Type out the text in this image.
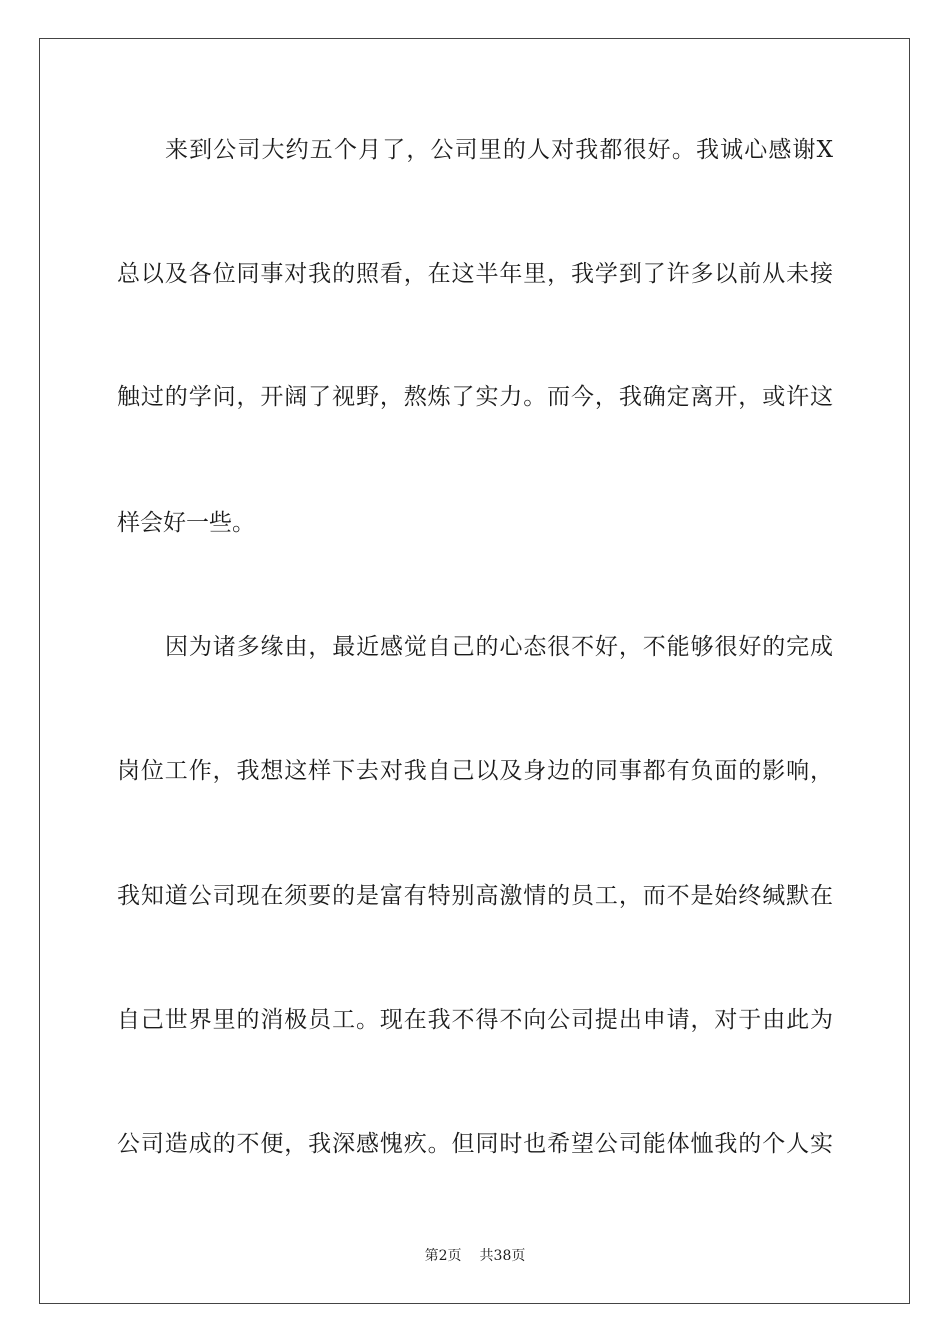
来到公司大约五个月了，公司里的人对我都很好。我诚心感谢X
总以及各位同事对我的照看，在这半年里，我学到了许多以前从未接
触过的学问，开阔了视野，熬炼了实力。而今，我确定离开，或许这
样会好一些。
因为诸多缘由，最近感觉自己的心态很不好，不能够很好的完成
岗位工作，我想这样下去对我自己以及身边的同事都有负面的影响，
我知道公司现在须要的是富有特别高激情的员工，而不是始终缄默在
自己世界里的消极员工。现在我不得不向公司提出申请，对于由此为
公司造成的不便，我深感愧疚。但同时也希望公司能体恤我的个人实
第2页 共38页
